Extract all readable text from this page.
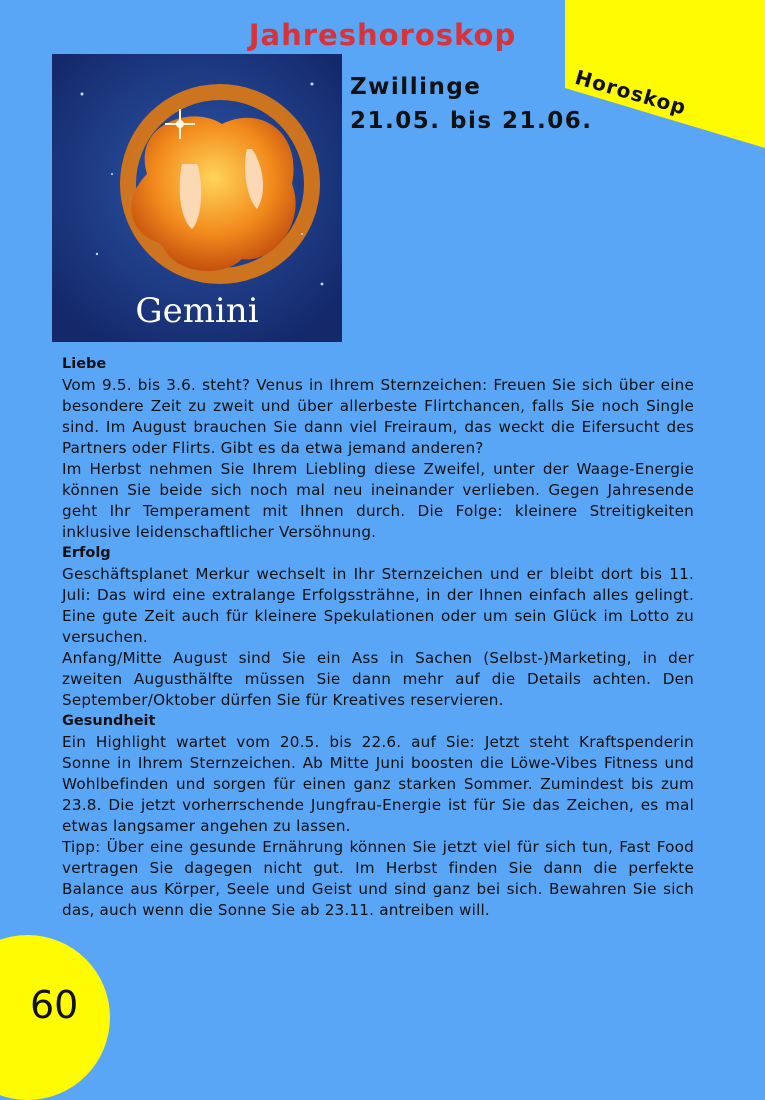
Jahreshoroskop
Horoskop
Gemini
Zwillinge
21.05. bis 21.06.
Liebe

Vom 9.5. bis 3.6. steht? Venus in Ihrem Sternzeichen: Freuen Sie sich über eine besondere Zeit zu zweit und über allerbeste Flirtchancen, falls Sie noch Single sind. Im August brauchen Sie dann viel Freiraum, das weckt die Eifersucht des Partners oder Flirts. Gibt es da etwa jemand anderen?

Im Herbst nehmen Sie Ihrem Liebling diese Zweifel, unter der Waage-Energie können Sie beide sich noch mal neu ineinander verlieben. Gegen Jahresende geht Ihr Temperament mit Ihnen durch. Die Folge: kleinere Streitigkeiten inklusive leidenschaftlicher Versöhnung.

Erfolg

Geschäftsplanet Merkur wechselt in Ihr Sternzeichen und er bleibt dort bis 11. Juli: Das wird eine extralange Erfolgssträhne, in der Ihnen einfach alles gelingt. Eine gute Zeit auch für kleinere Spekulationen oder um sein Glück im Lotto zu versuchen.

Anfang/Mitte August sind Sie ein Ass in Sachen (Selbst-)Marketing, in der zweiten Augusthälfte müssen Sie dann mehr auf die Details achten. Den September/Oktober dürfen Sie für Kreatives reservieren.

Gesundheit

Ein Highlight wartet vom 20.5. bis 22.6. auf Sie: Jetzt steht Kraftspenderin Sonne in Ihrem Sternzeichen. Ab Mitte Juni boosten die Löwe-Vibes Fitness und Wohlbefinden und sorgen für einen ganz starken Sommer. Zumindest bis zum 23.8. Die jetzt vorherrschende Jungfrau-Energie ist für Sie das Zeichen, es mal etwas langsamer angehen zu lassen.

Tipp: Über eine gesunde Ernährung können Sie jetzt viel für sich tun, Fast Food vertragen Sie dagegen nicht gut. Im Herbst finden Sie dann die perfekte Balance aus Körper, Seele und Geist und sind ganz bei sich. Bewahren Sie sich das, auch wenn die Sonne Sie ab 23.11. antreiben will.

60
